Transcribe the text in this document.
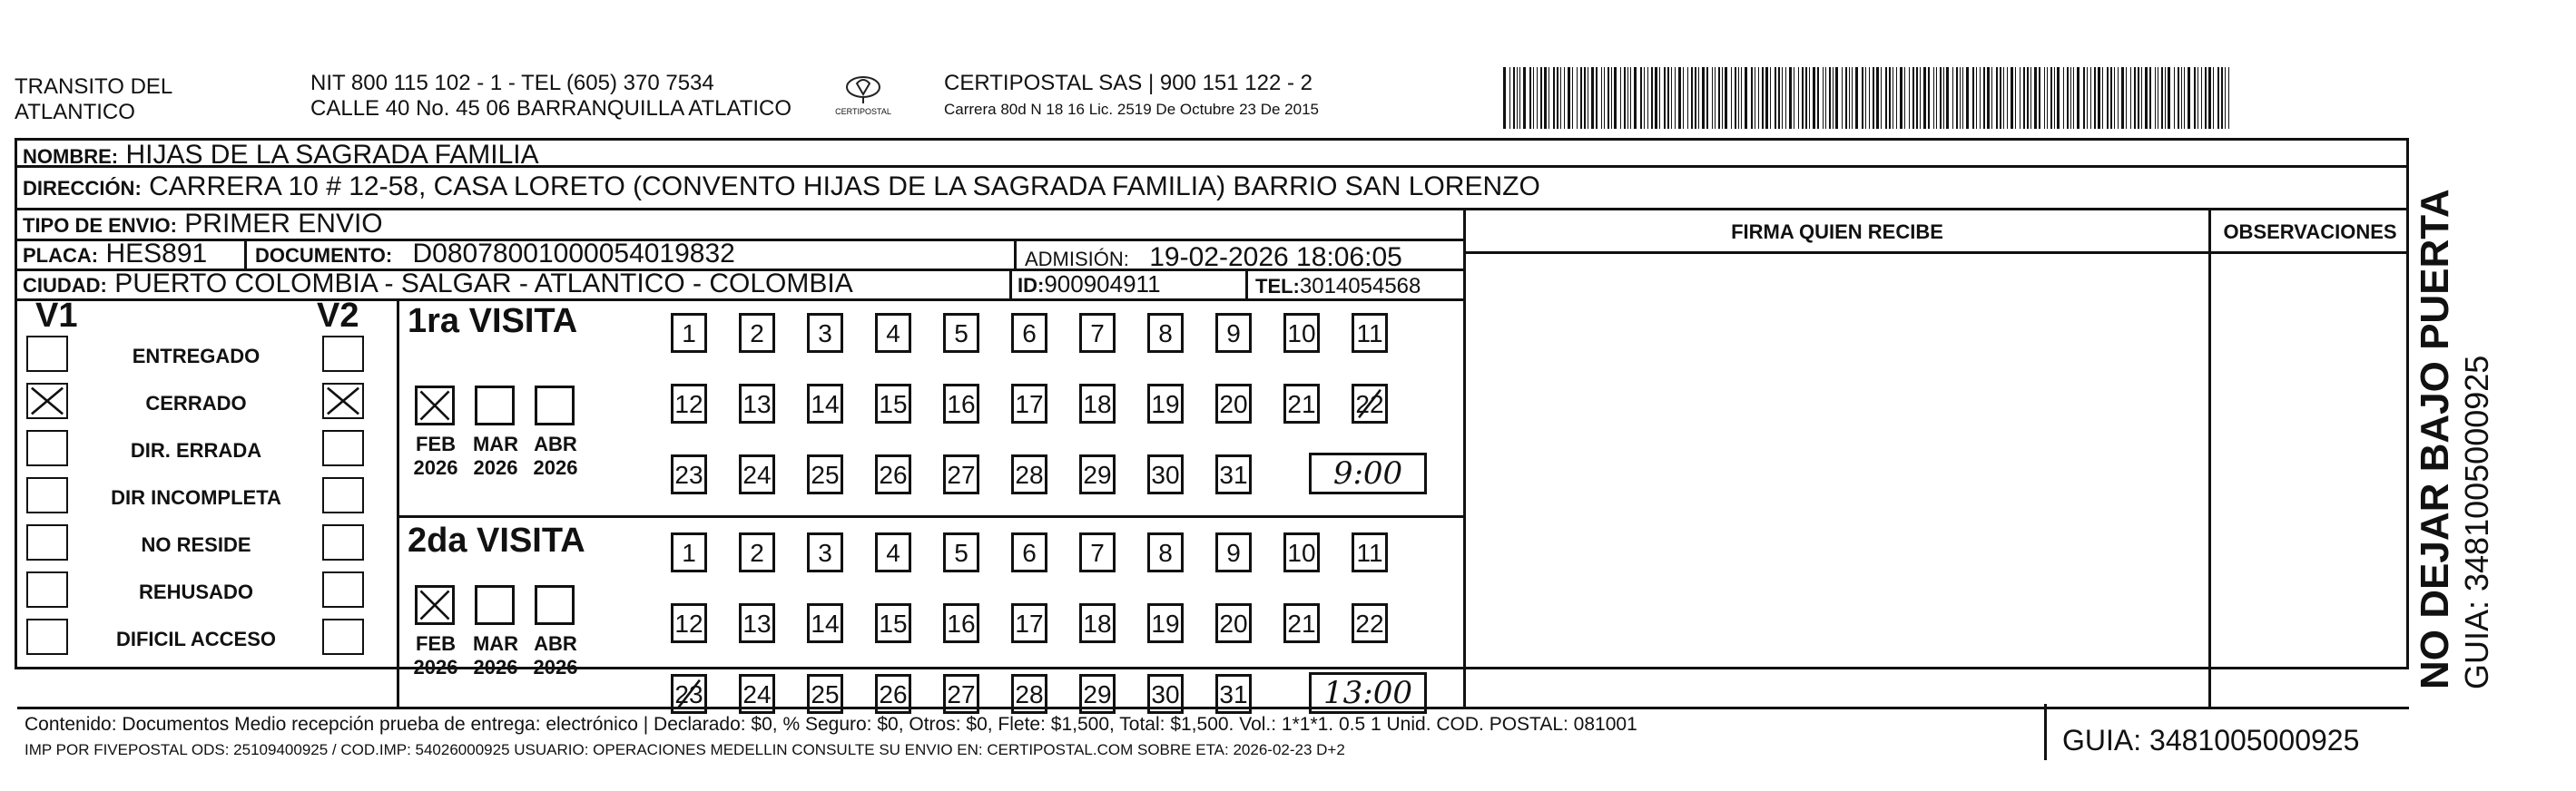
TRANSITO DEL
ATLANTICO
NIT 800 115 102 - 1 - TEL (605) 370 7534
CALLE 40 No. 45 06 BARRANQUILLA ATLATICO	CERTIPOSTAL
CERTIPOSTAL SAS | 900 151 122 - 2
Carrera 80d N 18 16 Lic. 2519 De Octubre 23 De 2015
NOMBRE: HIJAS DE LA SAGRADA FAMILIA
DIRECCIÓN: CARRERA 10 # 12-58, CASA LORETO (CONVENTO HIJAS DE LA SAGRADA FAMILIA) BARRIO SAN LORENZO
TIPO DE ENVIO: PRIMER ENVIO
PLACA: HES891 DOCUMENTO: D08078001000054019832	ADMISIÓN: 19-02-2026 18:06:05
CIUDAD: PUERTO COLOMBIA - SALGAR - ATLANTICO - COLOMBIA	ID:900904911	TEL:3014054568
FIRMA QUIEN RECIBE	OBSERVACIONES
V1	V2
ENTREGADO
CERRADO
DIR. ERRADA
DIR INCOMPLETA
NO RESIDE
REHUSADO
DIFICIL ACCESO
1ra VISITA
FEB
2026
MAR
2026
ABR
2026
1	2	3	4	5	6	7	8	9	10 11
12 13 14 15 16 17 18 19 20 21 22
23 24 25 26 27 28 29 30 31	9:00
2da VISITA
FEB
2026
MAR
2026
ABR
2026
1	2	3	4	5	6	7	8	9	10 11
12 13 14 15 16 17 18 19 20 21 22
23 24 25 26 27 28 29 30 31	13:00
Contenido: Documentos Medio recepción prueba de entrega: electrónico | Declarado: $0, % Seguro: $0, Otros: $0, Flete: $1,500, Total: $1,500. Vol.: 1*1*1. 0.5 1 Unid. COD. POSTAL: 081001
IMP POR FIVEPOSTAL ODS: 25109400925 / COD.IMP: 54026000925 USUARIO: OPERACIONES MEDELLIN CONSULTE SU ENVIO EN: CERTIPOSTAL.COM SOBRE ETA: 2026-02-23 D+2	GUIA: 3481005000925
NO DEJAR BAJO PUERTA GUIA: 3481005000925
